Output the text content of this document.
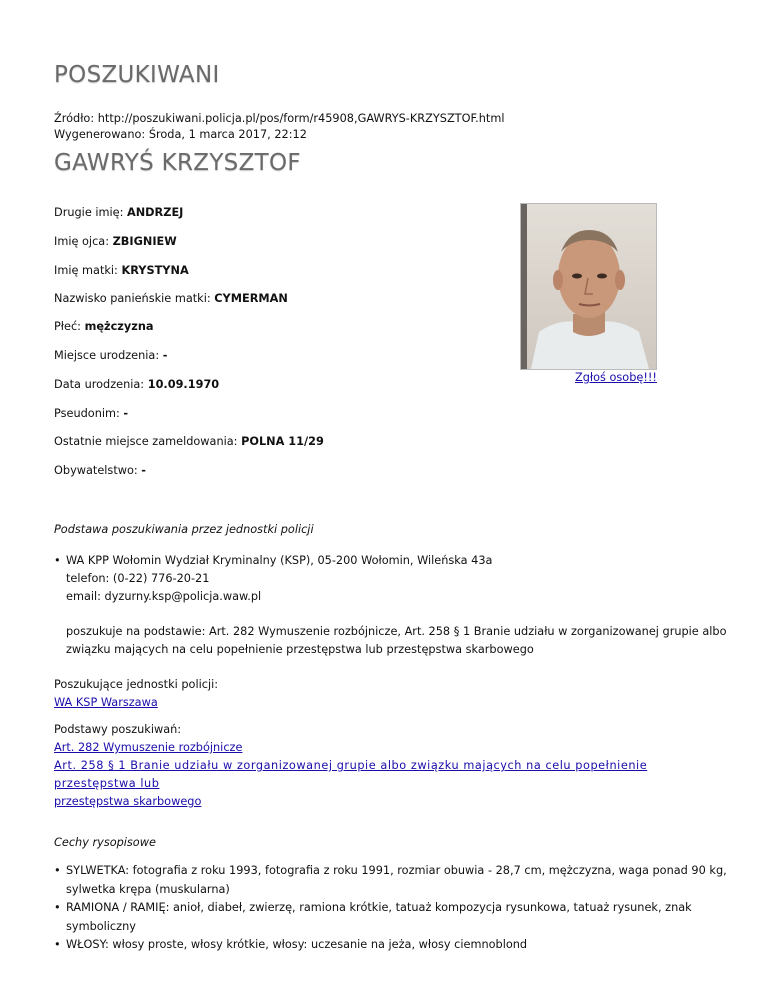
POSZUKIWANI
Źródło: http://poszukiwani.policja.pl/pos/form/r45908,GAWRYS-KRZYSZTOF.html
Wygenerowano: Środa, 1 marca 2017, 22:12
GAWRYŚ KRZYSZTOF
Drugie imię: ANDRZEJ
Imię ojca: ZBIGNIEW
Imię matki: KRYSTYNA
Nazwisko panieńskie matki: CYMERMAN
Płeć: mężczyzna
Miejsce urodzenia: -
Data urodzenia: 10.09.1970
Pseudonim: -
Ostatnie miejsce zameldowania: POLNA 11/29
Obywatelstwo: -
Zgłoś osobę!!!
Podstawa poszukiwania przez jednostki policji
• WA KPP Wołomin Wydział Kryminalny (KSP), 05-200 Wołomin, Wileńska 43a
telefon: (0-22) 776-20-21
email: dyzurny.ksp@policja.waw.pl
poszukuje na podstawie: Art. 282 Wymuszenie rozbójnicze, Art. 258 § 1 Branie udziału w zorganizowanej grupie albo
związku mających na celu popełnienie przestępstwa lub przestępstwa skarbowego
Poszukujące jednostki policji:
WA KSP Warszawa
Podstawy poszukiwań:
Art. 282 Wymuszenie rozbójnicze
Art. 258 § 1 Branie udziału w zorganizowanej grupie albo związku mających na celu popełnienie przestępstwa lub
przestępstwa skarbowego
Cechy rysopisowe
• SYLWETKA: fotografia z roku 1993, fotografia z roku 1991, rozmiar obuwia - 28,7 cm, mężczyzna, waga ponad 90 kg,
sylwetka krępa (muskularna)
• RAMIONA / RAMIĘ: anioł, diabeł, zwierzę, ramiona krótkie, tatuaż kompozycja rysunkowa, tatuaż rysunek, znak symboliczny
• WŁOSY: włosy proste, włosy krótkie, włosy: uczesanie na jeża, włosy ciemnoblond
